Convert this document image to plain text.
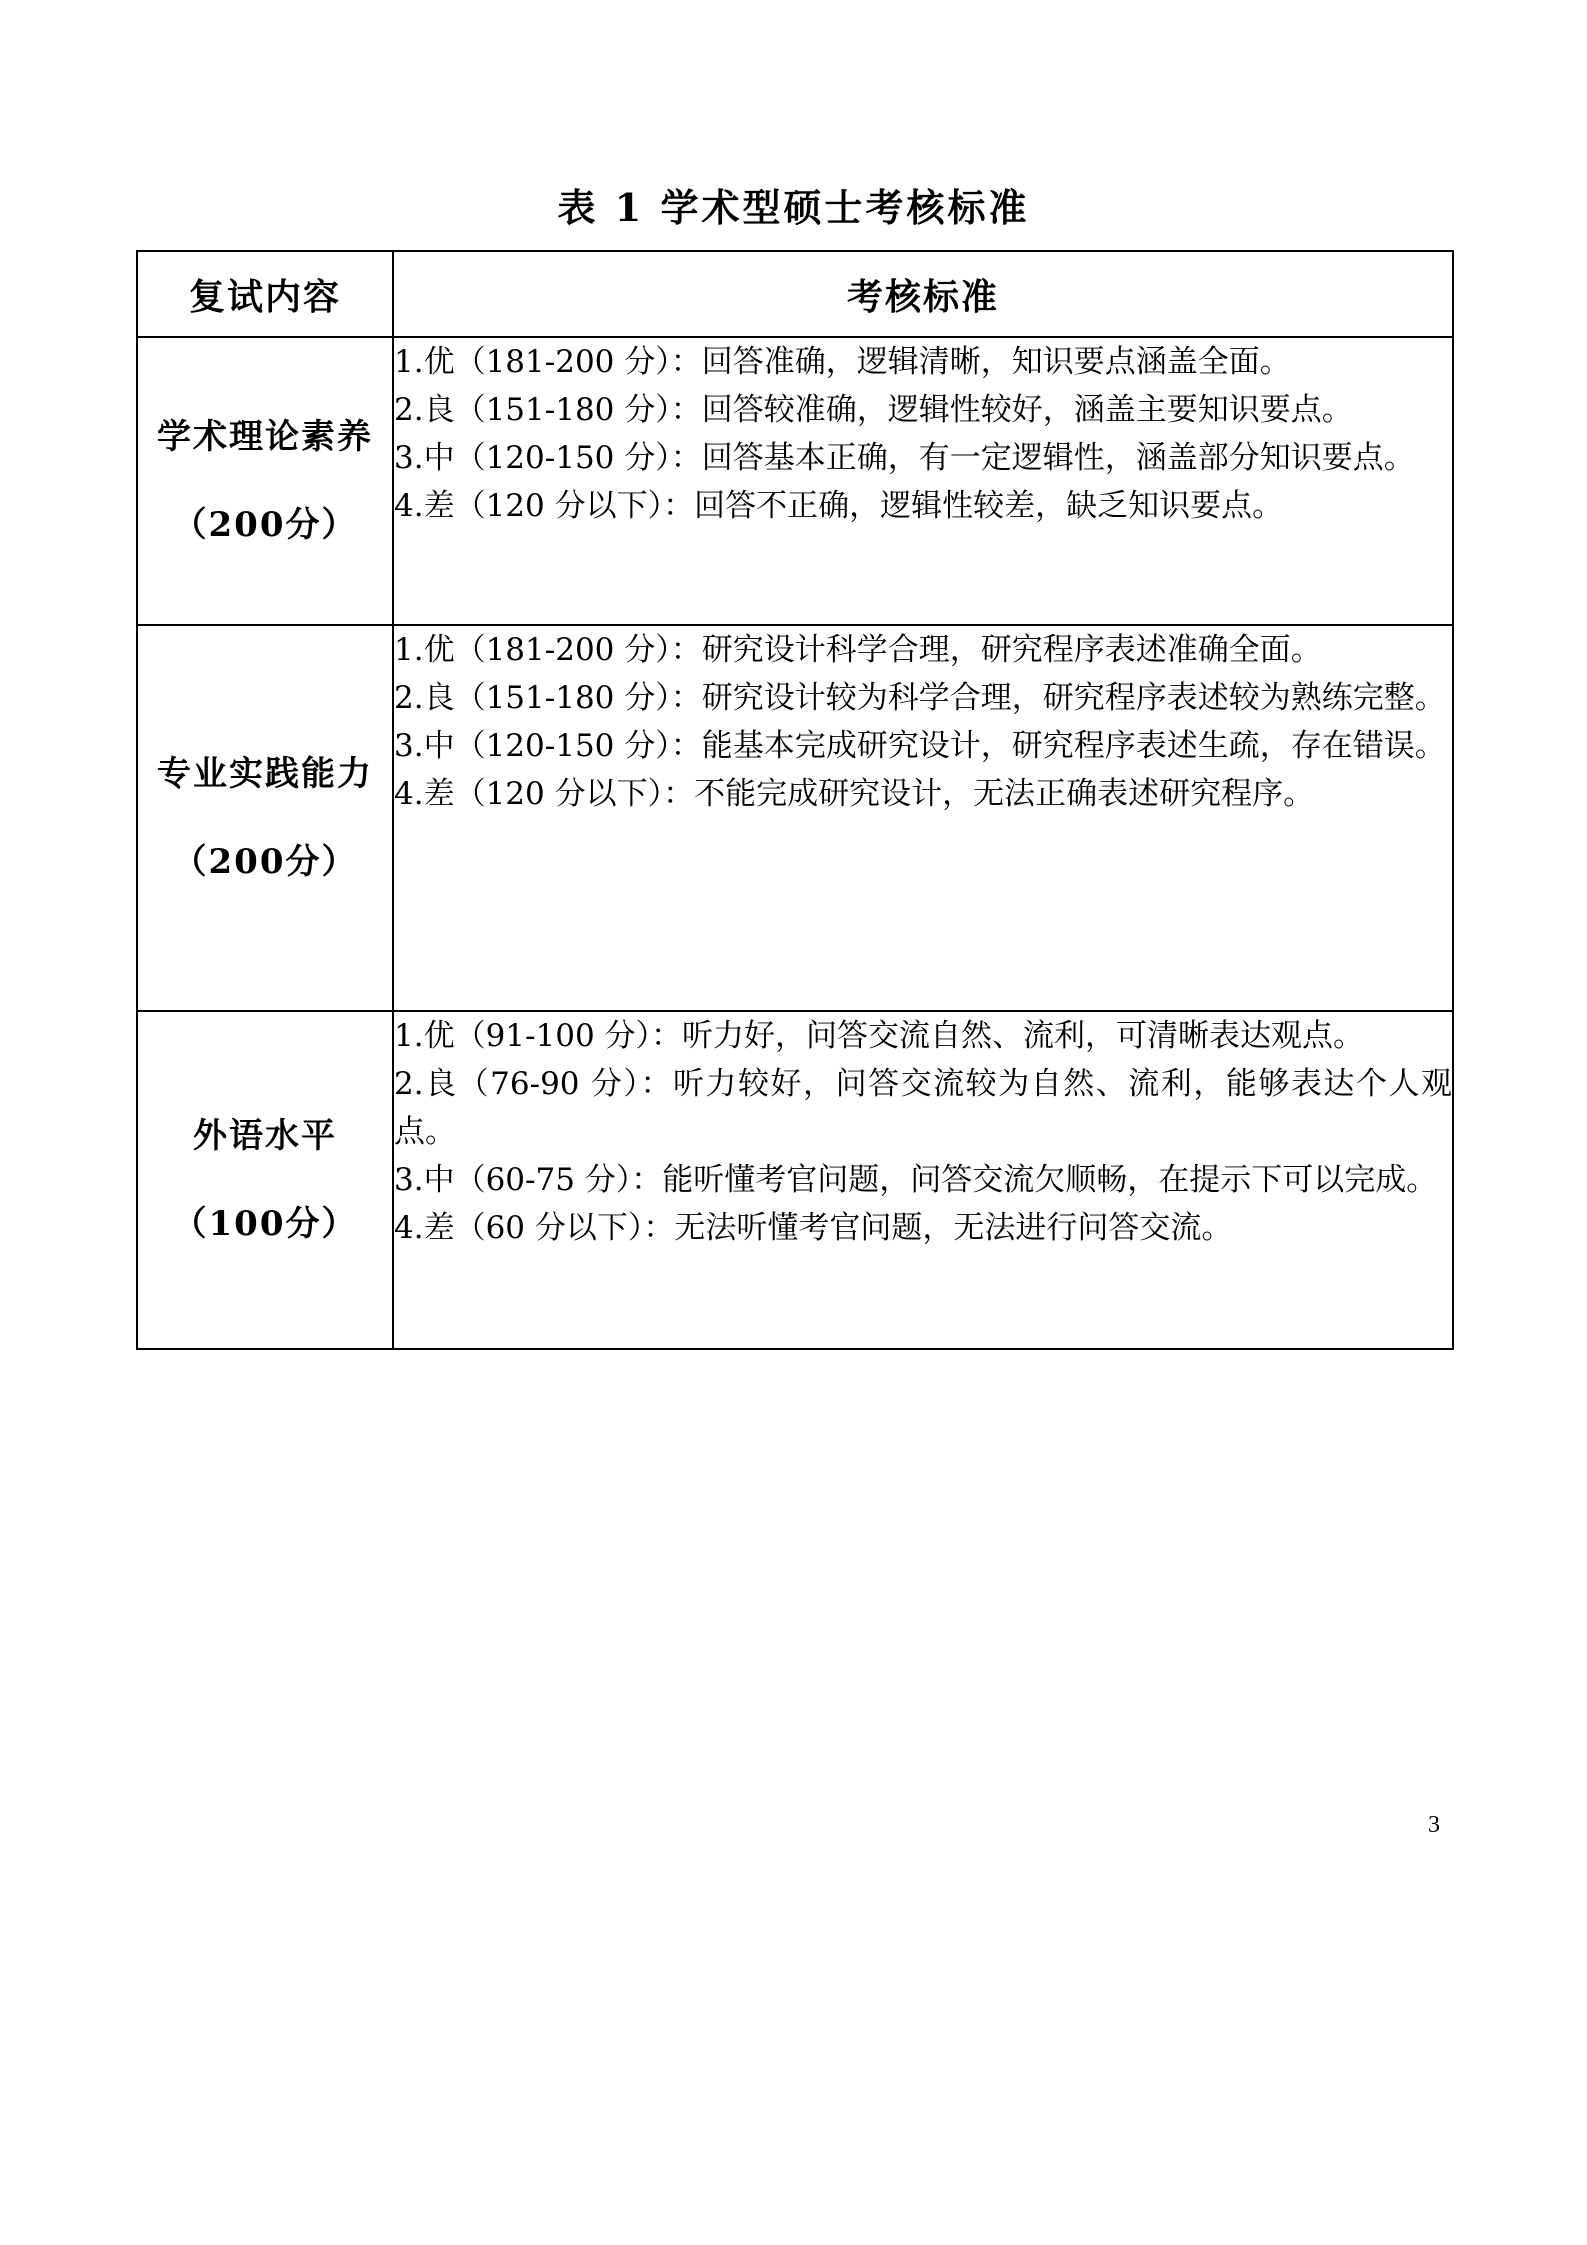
表 1 学术型硕士考核标准
复试内容	考核标准

学术理论素养
（200分）	1.优（181-200 分）：回答准确，逻辑清晰，知识要点涵盖全面。
2.良（151-180 分）：回答较准确，逻辑性较好，涵盖主要知识要点。
3.中（120-150 分）：回答基本正确，有一定逻辑性，涵盖部分知识要点。
4.差（120 分以下）：回答不正确，逻辑性较差，缺乏知识要点。

专业实践能力
（200分）	1.优（181-200 分）：研究设计科学合理，研究程序表述准确全面。
2.良（151-180 分）：研究设计较为科学合理，研究程序表述较为熟练完整。
3.中（120-150 分）：能基本完成研究设计，研究程序表述生疏，存在错误。
4.差（120 分以下）：不能完成研究设计，无法正确表述研究程序。

外语水平
（100分）	1.优（91-100 分）：听力好，问答交流自然、流利，可清晰表达观点。
2.良（76-90 分）：听力较好，问答交流较为自然、流利，能够表达个人观点。
3.中（60-75 分）：能听懂考官问题，问答交流欠顺畅，在提示下可以完成。
4.差（60 分以下）：无法听懂考官问题，无法进行问答交流。
3
